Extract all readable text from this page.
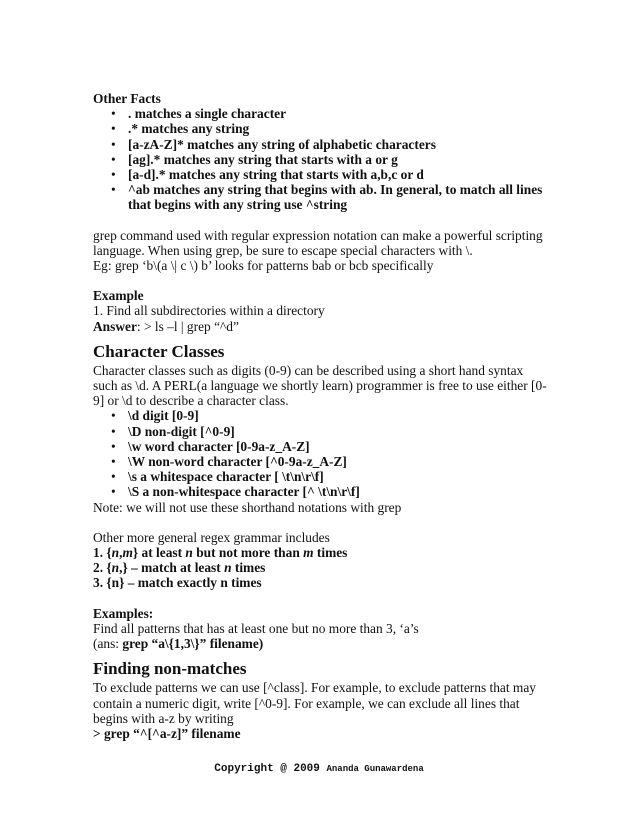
Other Facts

• . matches a single character
• .* matches any string
• [a-zA-Z]* matches any string of alphabetic characters
• [ag].* matches any string that starts with a or g
• [a-d].* matches any string that starts with a,b,c or d
• ^ab matches any string that begins with ab. In general, to match all lines that begins with any string use ^string

grep command used with regular expression notation can make a powerful scripting language. When using grep, be sure to escape special characters with \.

Eg: grep ‘b\(a \| c \) b’ looks for patterns bab or bcb specifically

Example

1. Find all subdirectories within a directory

Answer: > ls –l | grep “^d”

Character Classes

Character classes such as digits (0-9) can be described using a short hand syntax such as \d. A PERL(a language we shortly learn) programmer is free to use either [0-9] or \d to describe a character class.

• \d digit [0-9]
• \D non-digit [^0-9]
• \w word character [0-9a-z_A-Z]
• \W non-word character [^0-9a-z_A-Z]
• \s a whitespace character [ \t\n\r\f]
• \S a non-whitespace character [^ \t\n\r\f]

Note: we will not use these shorthand notations with grep

Other more general regex grammar includes

1. {n,m} at least n but not more than m times

2. {n,} – match at least n times

3. {n} – match exactly n times

Examples:

Find all patterns that has at least one but no more than 3, ‘a’s

(ans: grep “a\{1,3\}” filename)

Finding non-matches

To exclude patterns we can use [^class]. For example, to exclude patterns that may contain a numeric digit, write [^0-9]. For example, we can exclude all lines that begins with a-z by writing

> grep “^[^a-z]” filename

Copyright @ 2009 Ananda Gunawardena
